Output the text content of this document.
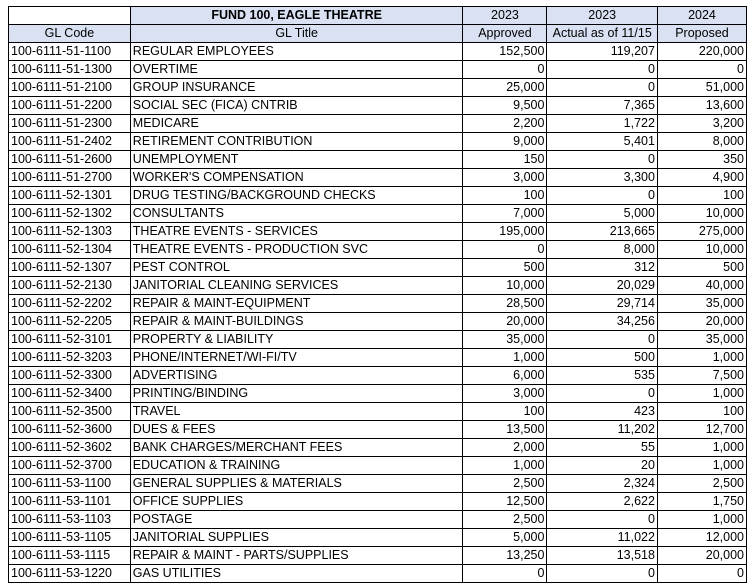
	FUND 100, EAGLE THEATRE	2023	2023	2024
GL Code	GL Title	Approved	Actual as of 11/15	Proposed
100-6111-51-1100	REGULAR EMPLOYEES	152,500	119,207	220,000
100-6111-51-1300	OVERTIME	0	0	0
100-6111-51-2100	GROUP INSURANCE	25,000	0	51,000
100-6111-51-2200	SOCIAL SEC (FICA) CNTRIB	9,500	7,365	13,600
100-6111-51-2300	MEDICARE	2,200	1,722	3,200
100-6111-51-2402	RETIREMENT CONTRIBUTION	9,000	5,401	8,000
100-6111-51-2600	UNEMPLOYMENT	150	0	350
100-6111-51-2700	WORKER'S COMPENSATION	3,000	3,300	4,900
100-6111-52-1301	DRUG TESTING/BACKGROUND CHECKS	100	0	100
100-6111-52-1302	CONSULTANTS	7,000	5,000	10,000
100-6111-52-1303	THEATRE EVENTS - SERVICES	195,000	213,665	275,000
100-6111-52-1304	THEATRE EVENTS - PRODUCTION SVC	0	8,000	10,000
100-6111-52-1307	PEST CONTROL	500	312	500
100-6111-52-2130	JANITORIAL CLEANING SERVICES	10,000	20,029	40,000
100-6111-52-2202	REPAIR & MAINT-EQUIPMENT	28,500	29,714	35,000
100-6111-52-2205	REPAIR & MAINT-BUILDINGS	20,000	34,256	20,000
100-6111-52-3101	PROPERTY & LIABILITY	35,000	0	35,000
100-6111-52-3203	PHONE/INTERNET/WI-FI/TV	1,000	500	1,000
100-6111-52-3300	ADVERTISING	6,000	535	7,500
100-6111-52-3400	PRINTING/BINDING	3,000	0	1,000
100-6111-52-3500	TRAVEL	100	423	100
100-6111-52-3600	DUES & FEES	13,500	11,202	12,700
100-6111-52-3602	BANK CHARGES/MERCHANT FEES	2,000	55	1,000
100-6111-52-3700	EDUCATION & TRAINING	1,000	20	1,000
100-6111-53-1100	GENERAL SUPPLIES & MATERIALS	2,500	2,324	2,500
100-6111-53-1101	OFFICE SUPPLIES	12,500	2,622	1,750
100-6111-53-1103	POSTAGE	2,500	0	1,000
100-6111-53-1105	JANITORIAL SUPPLIES	5,000	11,022	12,000
100-6111-53-1115	REPAIR & MAINT - PARTS/SUPPLIES	13,250	13,518	20,000
100-6111-53-1220	GAS UTILITIES	0	0	0
